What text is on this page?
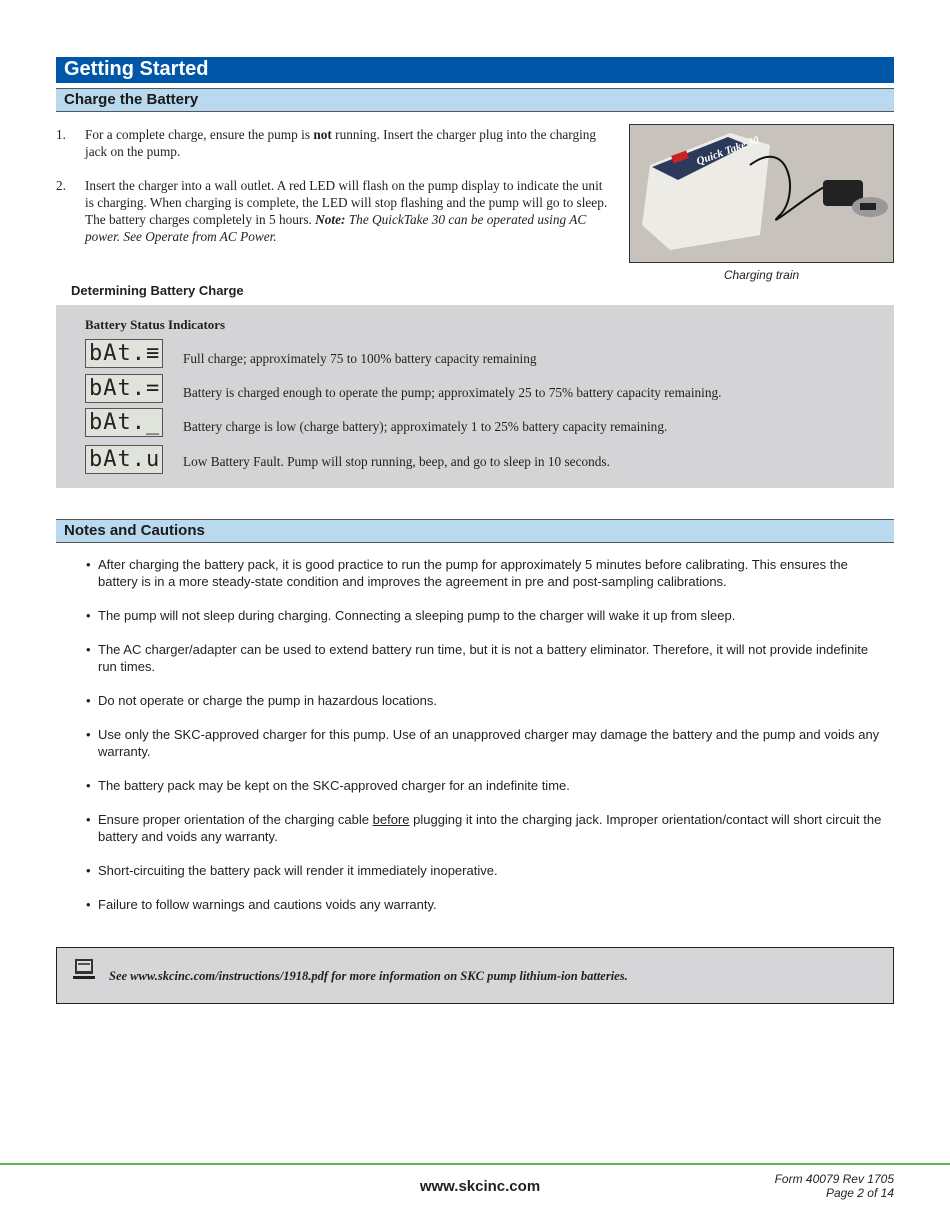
Getting Started
Charge the Battery
1.	For a complete charge, ensure the pump is not running. Insert the charger plug into the charging jack on the pump.
2.	Insert the charger into a wall outlet. A red LED will flash on the pump display to indicate the unit is charging. When charging is complete, the LED will stop flashing and the pump will go to sleep. The battery charges completely in 5 hours. Note: The QuickTake 30 can be operated using AC power. See Operate from AC Power.
Quick Take 30
Charging train
Determining Battery Charge
Battery Status Indicators
bAt.≡ Full charge; approximately 75 to 100% battery capacity remaining
bAt.= Battery is charged enough to operate the pump; approximately 25 to 75% battery capacity remaining.
bAt._ Battery charge is low (charge battery); approximately 1 to 25% battery capacity remaining.
bAt.u Low Battery Fault. Pump will stop running, beep, and go to sleep in 10 seconds.
Notes and Cautions
• After charging the battery pack, it is good practice to run the pump for approximately 5 minutes before calibrating. This ensures the battery is in a more steady-state condition and improves the agreement in pre and post-sampling calibrations.
• The pump will not sleep during charging. Connecting a sleeping pump to the charger will wake it up from sleep.
• The AC charger/adapter can be used to extend battery run time, but it is not a battery eliminator. Therefore, it will not provide indefinite run times.
• Do not operate or charge the pump in hazardous locations.
• Use only the SKC-approved charger for this pump. Use of an unapproved charger may damage the battery and the pump and voids any warranty.
• The battery pack may be kept on the SKC-approved charger for an indefinite time.
• Ensure proper orientation of the charging cable before plugging it into the charging jack. Improper orientation/contact will short circuit the battery and voids any warranty.
• Short-circuiting the battery pack will render it immediately inoperative.
• Failure to follow warnings and cautions voids any warranty.
See www.skcinc.com/instructions/1918.pdf for more information on SKC pump lithium-ion batteries.
www.skcinc.com	Form 40079 Rev 1705
Page 2 of 14
